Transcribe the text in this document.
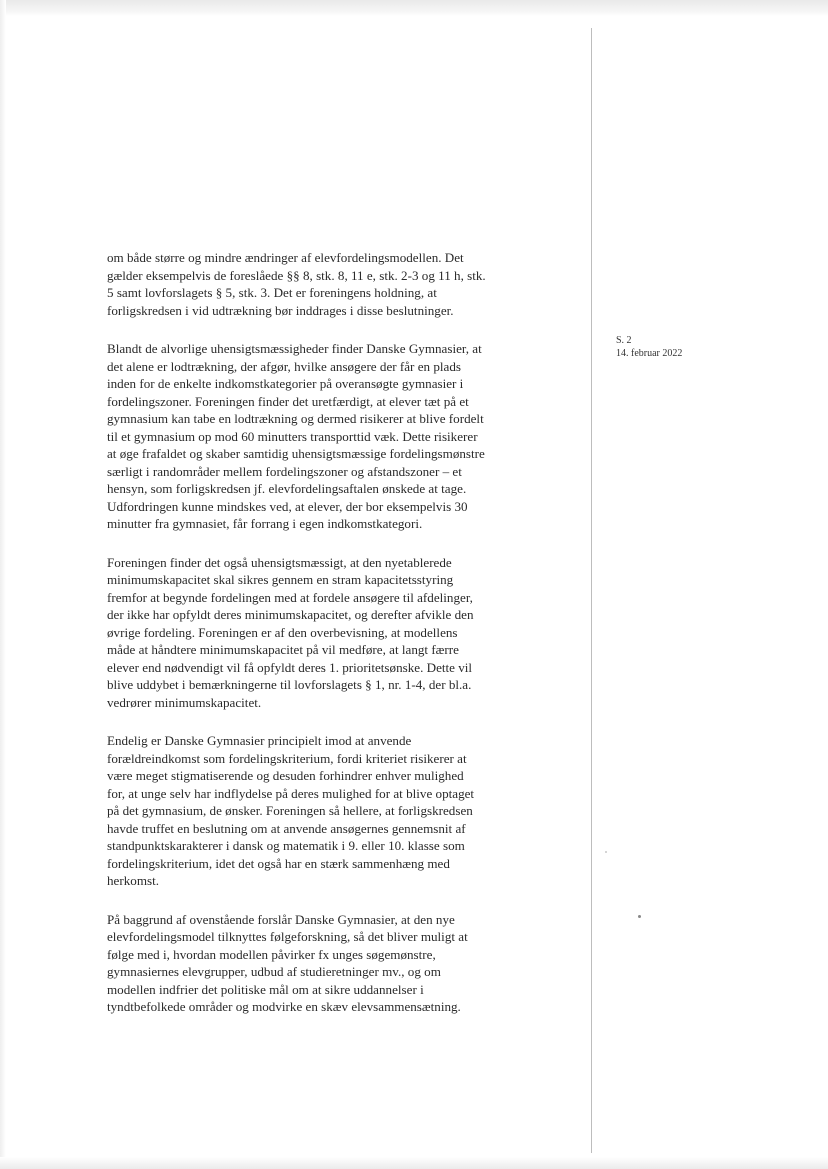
S. 2
14. februar 2022

om både større og mindre ændringer af elevfordelingsmodellen. Det
gælder eksempelvis de foreslåede §§ 8, stk. 8, 11 e, stk. 2-3 og 11 h, stk.
5 samt lovforslagets § 5, stk. 3. Det er foreningens holdning, at
forligskredsen i vid udtrækning bør inddrages i disse beslutninger.

Blandt de alvorlige uhensigtsmæssigheder finder Danske Gymnasier, at
det alene er lodtrækning, der afgør, hvilke ansøgere der får en plads
inden for de enkelte indkomstkategorier på overansøgte gymnasier i
fordelingszoner. Foreningen finder det uretfærdigt, at elever tæt på et
gymnasium kan tabe en lodtrækning og dermed risikerer at blive fordelt
til et gymnasium op mod 60 minutters transporttid væk. Dette risikerer
at øge frafaldet og skaber samtidig uhensigtsmæssige fordelingsmønstre
særligt i randområder mellem fordelingszoner og afstandszoner – et
hensyn, som forligskredsen jf. elevfordelingsaftalen ønskede at tage.
Udfordringen kunne mindskes ved, at elever, der bor eksempelvis 30
minutter fra gymnasiet, får forrang i egen indkomstkategori.

Foreningen finder det også uhensigtsmæssigt, at den nyetablerede
minimumskapacitet skal sikres gennem en stram kapacitetsstyring
fremfor at begynde fordelingen med at fordele ansøgere til afdelinger,
der ikke har opfyldt deres minimumskapacitet, og derefter afvikle den
øvrige fordeling. Foreningen er af den overbevisning, at modellens
måde at håndtere minimumskapacitet på vil medføre, at langt færre
elever end nødvendigt vil få opfyldt deres 1. prioritetsønske. Dette vil
blive uddybet i bemærkningerne til lovforslagets § 1, nr. 1-4, der bl.a.
vedrører minimumskapacitet.

Endelig er Danske Gymnasier principielt imod at anvende
forældreindkomst som fordelingskriterium, fordi kriteriet risikerer at
være meget stigmatiserende og desuden forhindrer enhver mulighed
for, at unge selv har indflydelse på deres mulighed for at blive optaget
på det gymnasium, de ønsker. Foreningen så hellere, at forligskredsen
havde truffet en beslutning om at anvende ansøgernes gennemsnit af
standpunktskarakterer i dansk og matematik i 9. eller 10. klasse som
fordelingskriterium, idet det også har en stærk sammenhæng med
herkomst.

På baggrund af ovenstående forslår Danske Gymnasier, at den nye
elevfordelingsmodel tilknyttes følgeforskning, så det bliver muligt at
følge med i, hvordan modellen påvirker fx unges søgemønstre,
gymnasiernes elevgrupper, udbud af studieretninger mv., og om
modellen indfrier det politiske mål om at sikre uddannelser i
tyndtbefolkede områder og modvirke en skæv elevsammensætning.
